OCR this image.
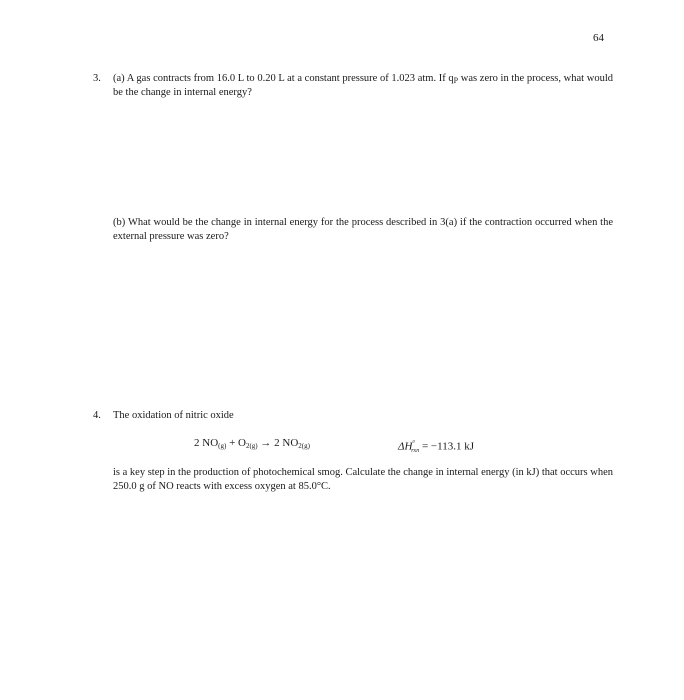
64
3.	(a) A gas contracts from 16.0 L to 0.20 L at a constant pressure of 1.023 atm. If $q_P$ was zero in the process, what would be the change in internal energy?
(b) What would be the change in internal energy for the process described in 3(a) if the contraction occurred when the external pressure was zero?
4.	The oxidation of nitric oxide
2 $NO_{(g)} + O_{2(g)} \to 2$ $NO_{2(g)}$	$\Delta H^\circ_{rxn} = -113.1$ kJ
is a key step in the production of photochemical smog. Calculate the change in internal energy (in kJ) that occurs when 250.0 g of NO reacts with excess oxygen at 85.0°C.
